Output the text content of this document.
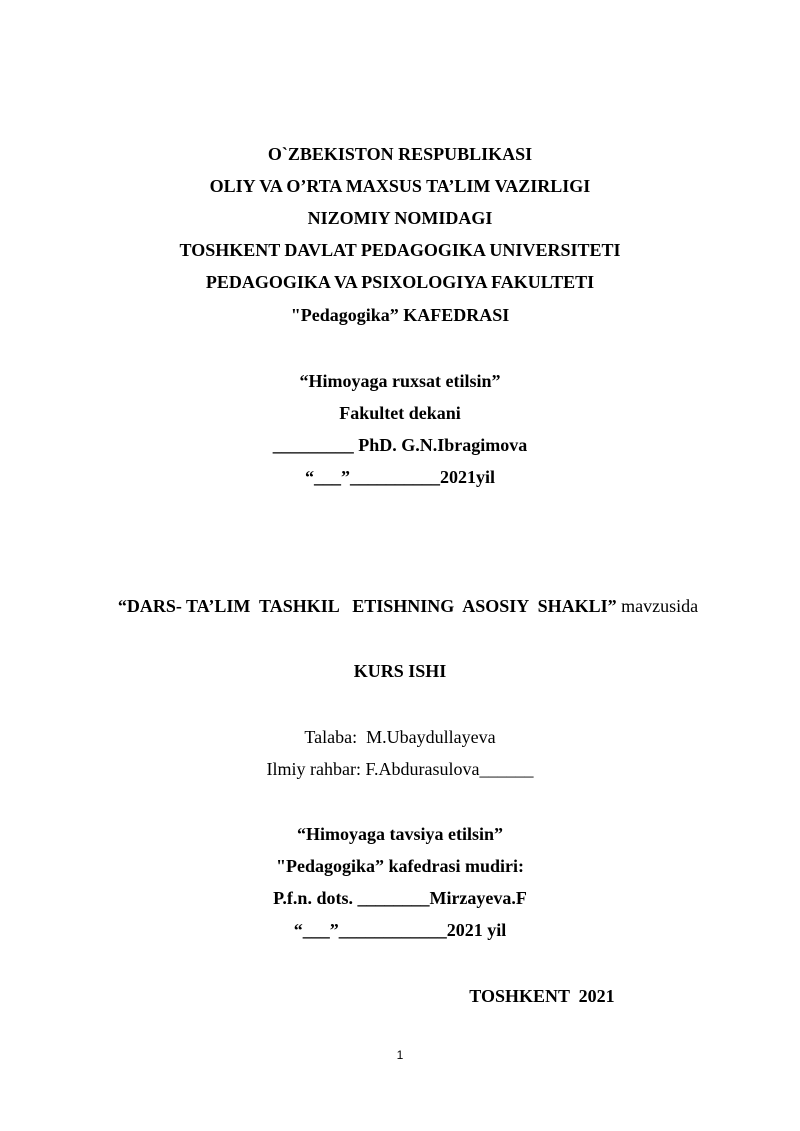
O`ZBEKISTON RESPUBLIKASI
OLIY VA O’RTA MAXSUS TA’LIM VAZIRLIGI
NIZOMIY NOMIDAGI
TOSHKENT DAVLAT PEDAGOGIKA UNIVERSITETI
PEDAGOGIKA VA PSIXOLOGIYA FAKULTETI
"Pedagogika” KAFEDRASI
“Himoyaga ruxsat etilsin”
Fakultet dekani
_________ PhD. G.N.Ibragimova
“___”__________2021yil
“DARS- TA’LIM  TASHKIL   ETISHNING  ASOSIY  SHAKLI” mavzusida
KURS ISHI
Talaba:  M.Ubaydullayeva
Ilmiy rahbar: F.Abdurasulova______
“Himoyaga tavsiya etilsin”
"Pedagogika” kafedrasi mudiri:
P.f.n. dots. ________Mirzayeva.F
“___”____________2021 yil
TOSHKENT  2021
1
